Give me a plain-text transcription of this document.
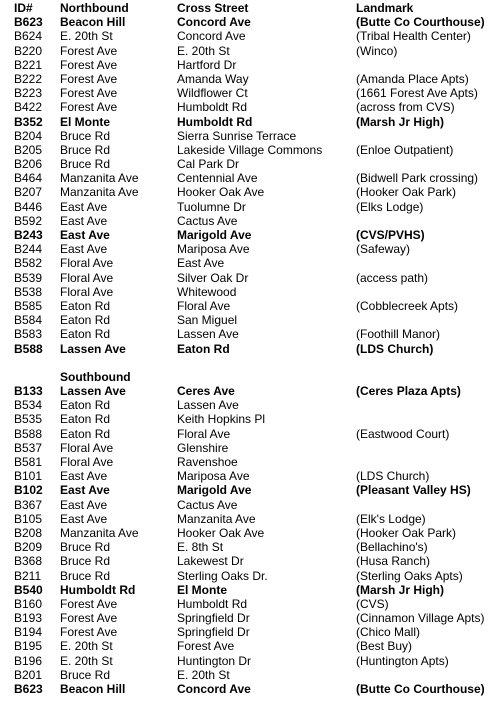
ID# Northbound	Cross Street	Landmark
B623 Beacon Hill	Concord Ave	(Butte Co Courthouse)
B624 E. 20th St	Concord Ave	(Tribal Health Center)
B220 Forest Ave	E. 20th St	(Winco)
B221 Forest Ave	Hartford Dr
B222 Forest Ave	Amanda Way	(Amanda Place Apts)
B223 Forest Ave	Wildflower Ct	(1661 Forest Ave Apts)
B422 Forest Ave	Humboldt Rd	(across from CVS)
B352 El Monte	Humboldt Rd	(Marsh Jr High)
B204 Bruce Rd	Sierra Sunrise Terrace
B205 Bruce Rd	Lakeside Village Commons	(Enloe Outpatient)
B206 Bruce Rd	Cal Park Dr
B464 Manzanita Ave	Centennial Ave	(Bidwell Park crossing)
B207 Manzanita Ave	Hooker Oak Ave	(Hooker Oak Park)
B446 East Ave	Tuolumne Dr	(Elks Lodge)
B592 East Ave	Cactus Ave
B243 East Ave	Marigold Ave	(CVS/PVHS)
B244 East Ave	Mariposa Ave	(Safeway)
B582 Floral Ave	East Ave
B539 Floral Ave	Silver Oak Dr	(access path)
B538 Floral Ave	Whitewood
B585 Eaton Rd	Floral Ave	(Cobblecreek Apts)
B584 Eaton Rd	San Miguel
B583 Eaton Rd	Lassen Ave	(Foothill Manor)
B588 Lassen Ave	Eaton Rd	(LDS Church)
Southbound
B133 Lassen Ave	Ceres Ave	(Ceres Plaza Apts)
B534 Eaton Rd	Lassen Ave
B535 Eaton Rd	Keith Hopkins Pl
B588 Eaton Rd	Floral Ave	(Eastwood Court)
B537 Floral Ave	Glenshire
B581 Floral Ave	Ravenshoe
B101 East Ave	Mariposa Ave	(LDS Church)
B102 East Ave	Marigold Ave	(Pleasant Valley HS)
B367 East Ave	Cactus Ave
B105 East Ave	Manzanita Ave	(Elk's Lodge)
B208 Manzanita Ave	Hooker Oak Ave	(Hooker Oak Park)
B209 Bruce Rd	E. 8th St	(Bellachino's)
B368 Bruce Rd	Lakewest Dr	(Husa Ranch)
B211 Bruce Rd	Sterling Oaks Dr.	(Sterling Oaks Apts)
B540 Humboldt Rd	El Monte	(Marsh Jr High)
B160 Forest Ave	Humboldt Rd	(CVS)
B193 Forest Ave	Springfield Dr	(Cinnamon Village Apts)
B194 Forest Ave	Springfield Dr	(Chico Mall)
B195 E. 20th St	Forest Ave	(Best Buy)
B196 E. 20th St	Huntington Dr	(Huntington Apts)
B201 Bruce Rd	E. 20th St
B623 Beacon Hill	Concord Ave	(Butte Co Courthouse)
